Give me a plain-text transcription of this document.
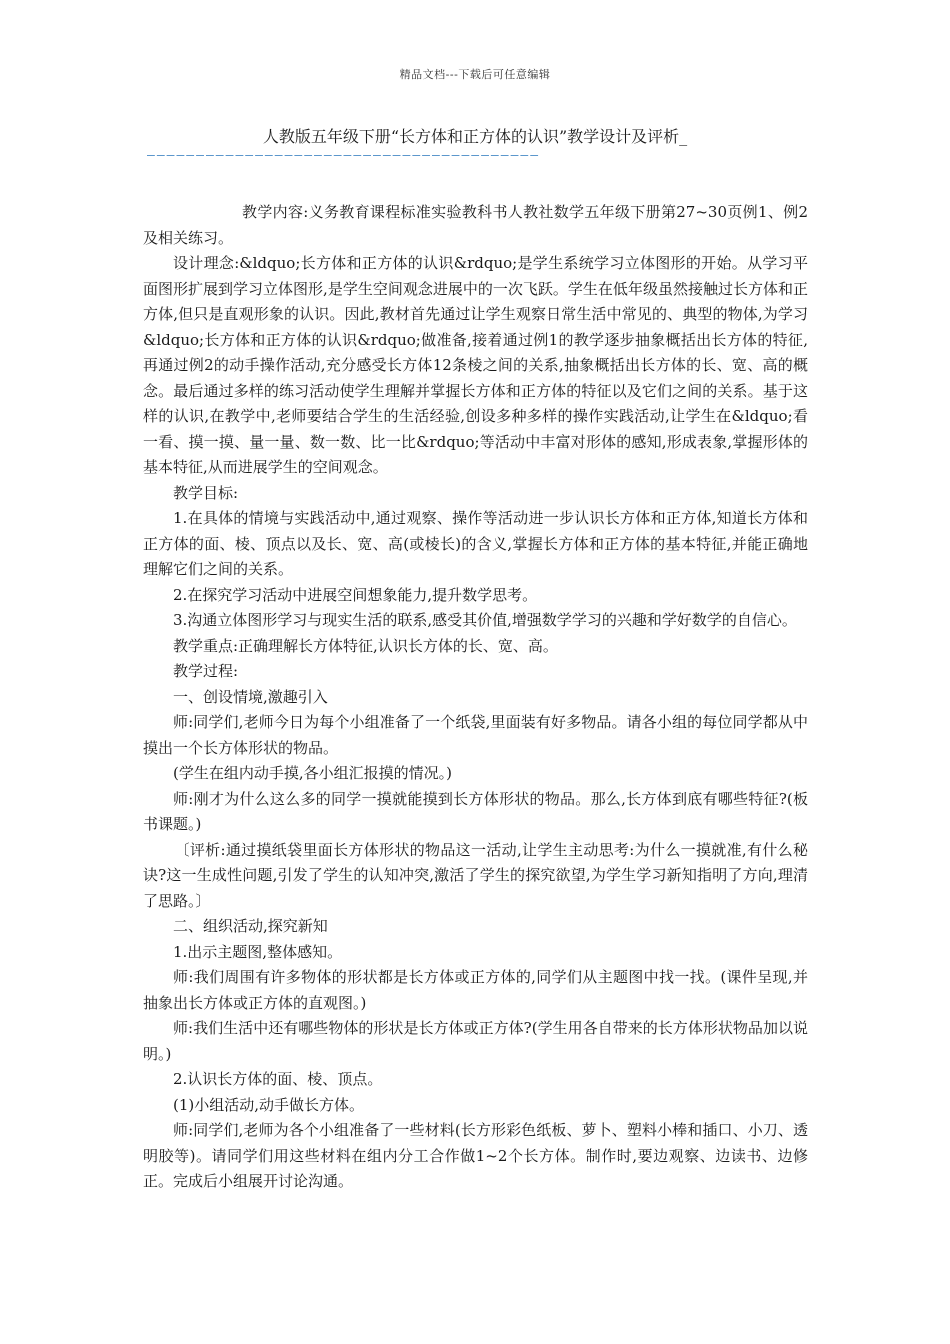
精品文档---下载后可任意编辑
人教版五年级下册“长方体和正方体的认识”教学设计及评析_
————————————————————————————————————————

教学内容:义务教育课程标准实验教科书人教社数学五年级下册第27~30页例1、例2及相关练习。

设计理念:&ldquo;长方体和正方体的认识&rdquo;是学生系统学习立体图形的开始。从学习平面图形扩展到学习立体图形,是学生空间观念进展中的一次飞跃。学生在低年级虽然接触过长方体和正方体,但只是直观形象的认识。因此,教材首先通过让学生观察日常生活中常见的、典型的物体,为学习&ldquo;长方体和正方体的认识&rdquo;做准备,接着通过例1的教学逐步抽象概括出长方体的特征,再通过例2的动手操作活动,充分感受长方体12条棱之间的关系,抽象概括出长方体的长、宽、高的概念。最后通过多样的练习活动使学生理解并掌握长方体和正方体的特征以及它们之间的关系。基于这样的认识,在教学中,老师要结合学生的生活经验,创设多种多样的操作实践活动,让学生在&ldquo;看一看、摸一摸、量一量、数一数、比一比&rdquo;等活动中丰富对形体的感知,形成表象,掌握形体的基本特征,从而进展学生的空间观念。

教学目标:

1.在具体的情境与实践活动中,通过观察、操作等活动进一步认识长方体和正方体,知道长方体和正方体的面、棱、顶点以及长、宽、高(或棱长)的含义,掌握长方体和正方体的基本特征,并能正确地理解它们之间的关系。

2.在探究学习活动中进展空间想象能力,提升数学思考。

3.沟通立体图形学习与现实生活的联系,感受其价值,增强数学学习的兴趣和学好数学的自信心。

教学重点:正确理解长方体特征,认识长方体的长、宽、高。

教学过程:

一、创设情境,激趣引入

师:同学们,老师今日为每个小组准备了一个纸袋,里面装有好多物品。请各小组的每位同学都从中摸出一个长方体形状的物品。

(学生在组内动手摸,各小组汇报摸的情况。)

师:刚才为什么这么多的同学一摸就能摸到长方体形状的物品。那么,长方体到底有哪些特征?(板书课题。)

〔评析:通过摸纸袋里面长方体形状的物品这一活动,让学生主动思考:为什么一摸就准,有什么秘诀?这一生成性问题,引发了学生的认知冲突,激活了学生的探究欲望,为学生学习新知指明了方向,理清了思路。〕

二、组织活动,探究新知

1.出示主题图,整体感知。

师:我们周围有许多物体的形状都是长方体或正方体的,同学们从主题图中找一找。(课件呈现,并抽象出长方体或正方体的直观图。)

师:我们生活中还有哪些物体的形状是长方体或正方体?(学生用各自带来的长方体形状物品加以说明。)

2.认识长方体的面、棱、顶点。

(1)小组活动,动手做长方体。

师:同学们,老师为各个小组准备了一些材料(长方形彩色纸板、萝卜、塑料小棒和插口、小刀、透明胶等)。请同学们用这些材料在组内分工合作做1~2个长方体。制作时,要边观察、边读书、边修正。完成后小组展开讨论沟通。
